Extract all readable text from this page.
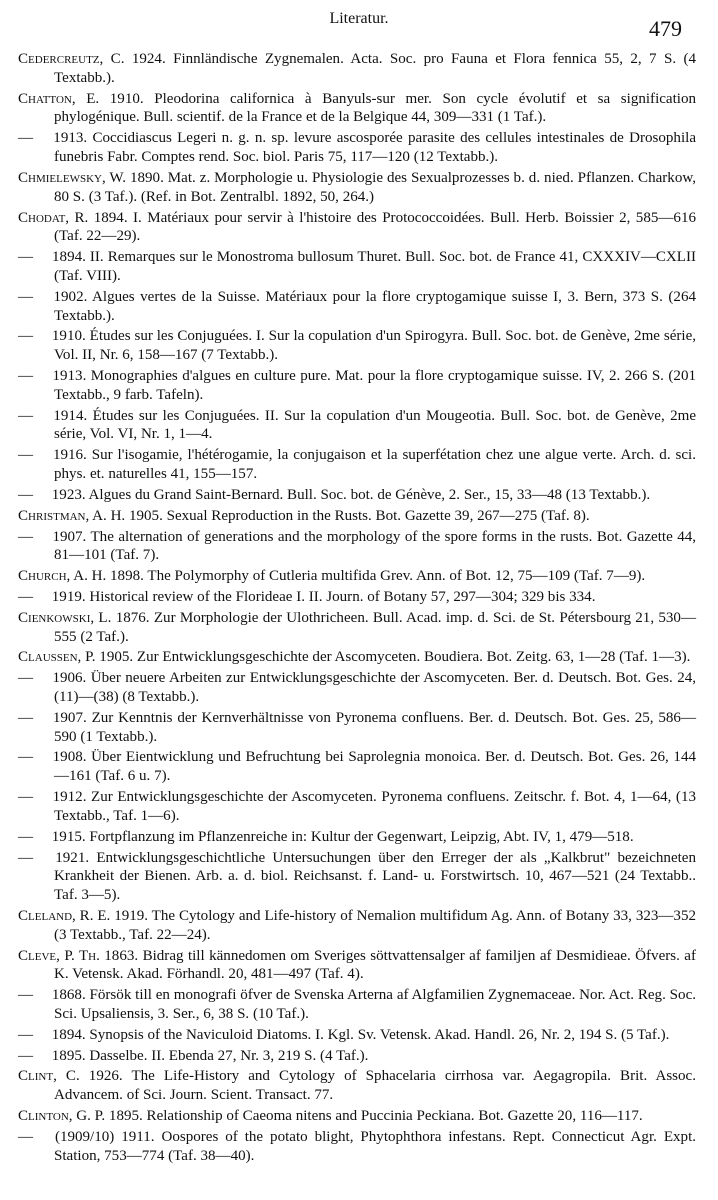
Literatur.	479

Cedercreutz, C. 1924. Finnländische Zygnemalen. Acta. Soc. pro Fauna et Flora fennica 55, 2, 7 S. (4 Textabb.).

Chatton, E. 1910. Pleodorina californica à Banyuls-sur mer. Son cycle évolutif et sa signification phylogénique. Bull. scientif. de la France et de la Belgique 44, 309—331 (1 Taf.).

— 1913. Coccidiascus Legeri n. g. n. sp. levure ascosporée parasite des cellules intestinales de Drosophila funebris Fabr. Comptes rend. Soc. biol. Paris 75, 117—120 (12 Textabb.).

Chmielewsky, W. 1890. Mat. z. Morphologie u. Physiologie des Sexualprozesses b. d. nied. Pflanzen. Charkow, 80 S. (3 Taf.). (Ref. in Bot. Zentralbl. 1892, 50, 264.)

Chodat, R. 1894. I. Matériaux pour servir à l'histoire des Protococcoidées. Bull. Herb. Boissier 2, 585—616 (Taf. 22—29).

— 1894. II. Remarques sur le Monostroma bullosum Thuret. Bull. Soc. bot. de France 41, CXXXIV—CXLII (Taf. VIII).

— 1902. Algues vertes de la Suisse. Matériaux pour la flore cryptogamique suisse I, 3. Bern, 373 S. (264 Textabb.).

— 1910. Études sur les Conjuguées. I. Sur la copulation d'un Spirogyra. Bull. Soc. bot. de Genève, 2me série, Vol. II, Nr. 6, 158—167 (7 Textabb.).

— 1913. Monographies d'algues en culture pure. Mat. pour la flore cryptogamique suisse. IV, 2. 266 S. (201 Textabb., 9 farb. Tafeln).

— 1914. Études sur les Conjuguées. II. Sur la copulation d'un Mougeotia. Bull. Soc. bot. de Genève, 2me série, Vol. VI, Nr. 1, 1—4.

— 1916. Sur l'isogamie, l'hétérogamie, la conjugaison et la superfétation chez une algue verte. Arch. d. sci. phys. et. naturelles 41, 155—157.

— 1923. Algues du Grand Saint-Bernard. Bull. Soc. bot. de Génève, 2. Ser., 15, 33—48 (13 Textabb.).

Christman, A. H. 1905. Sexual Reproduction in the Rusts. Bot. Gazette 39, 267—275 (Taf. 8).

— 1907. The alternation of generations and the morphology of the spore forms in the rusts. Bot. Gazette 44, 81—101 (Taf. 7).

Church, A. H. 1898. The Polymorphy of Cutleria multifida Grev. Ann. of Bot. 12, 75—109 (Taf. 7—9).

— 1919. Historical review of the Florideae I. II. Journ. of Botany 57, 297—304; 329 bis 334.

Cienkowski, L. 1876. Zur Morphologie der Ulothricheen. Bull. Acad. imp. d. Sci. de St. Pétersbourg 21, 530—555 (2 Taf.).

Claussen, P. 1905. Zur Entwicklungsgeschichte der Ascomyceten. Boudiera. Bot. Zeitg. 63, 1—28 (Taf. 1—3).

— 1906. Über neuere Arbeiten zur Entwicklungsgeschichte der Ascomyceten. Ber. d. Deutsch. Bot. Ges. 24, (11)—(38) (8 Textabb.).

— 1907. Zur Kenntnis der Kernverhältnisse von Pyronema confluens. Ber. d. Deutsch. Bot. Ges. 25, 586—590 (1 Textabb.).

— 1908. Über Eientwicklung und Befruchtung bei Saprolegnia monoica. Ber. d. Deutsch. Bot. Ges. 26, 144—161 (Taf. 6 u. 7).

— 1912. Zur Entwicklungsgeschichte der Ascomyceten. Pyronema confluens. Zeitschr. f. Bot. 4, 1—64, (13 Textabb., Taf. 1—6).

— 1915. Fortpflanzung im Pflanzenreiche in: Kultur der Gegenwart, Leipzig, Abt. IV, 1, 479—518.

— 1921. Entwicklungsgeschichtliche Untersuchungen über den Erreger der als „Kalkbrut" bezeichneten Krankheit der Bienen. Arb. a. d. biol. Reichsanst. f. Land- u. Forstwirtsch. 10, 467—521 (24 Textabb.. Taf. 3—5).

Cleland, R. E. 1919. The Cytology and Life-history of Nemalion multifidum Ag. Ann. of Botany 33, 323—352 (3 Textabb., Taf. 22—24).

Cleve, P. Th. 1863. Bidrag till kännedomen om Sveriges söttvattensalger af familjen af Desmidieae. Öfvers. af K. Vetensk. Akad. Förhandl. 20, 481—497 (Taf. 4).

— 1868. Försök till en monografi öfver de Svenska Arterna af Algfamilien Zygnemaceae. Nor. Act. Reg. Soc. Sci. Upsaliensis, 3. Ser., 6, 38 S. (10 Taf.).

— 1894. Synopsis of the Naviculoid Diatoms. I. Kgl. Sv. Vetensk. Akad. Handl. 26, Nr. 2, 194 S. (5 Taf.).

— 1895. Dasselbe. II. Ebenda 27, Nr. 3, 219 S. (4 Taf.).

Clint, C. 1926. The Life-History and Cytology of Sphacelaria cirrhosa var. Aegagropila. Brit. Assoc. Advancem. of Sci. Journ. Scient. Transact. 77.

Clinton, G. P. 1895. Relationship of Caeoma nitens and Puccinia Peckiana. Bot. Gazette 20, 116—117.

— (1909/10) 1911. Oospores of the potato blight, Phytophthora infestans. Rept. Connecticut Agr. Expt. Station, 753—774 (Taf. 38—40).
